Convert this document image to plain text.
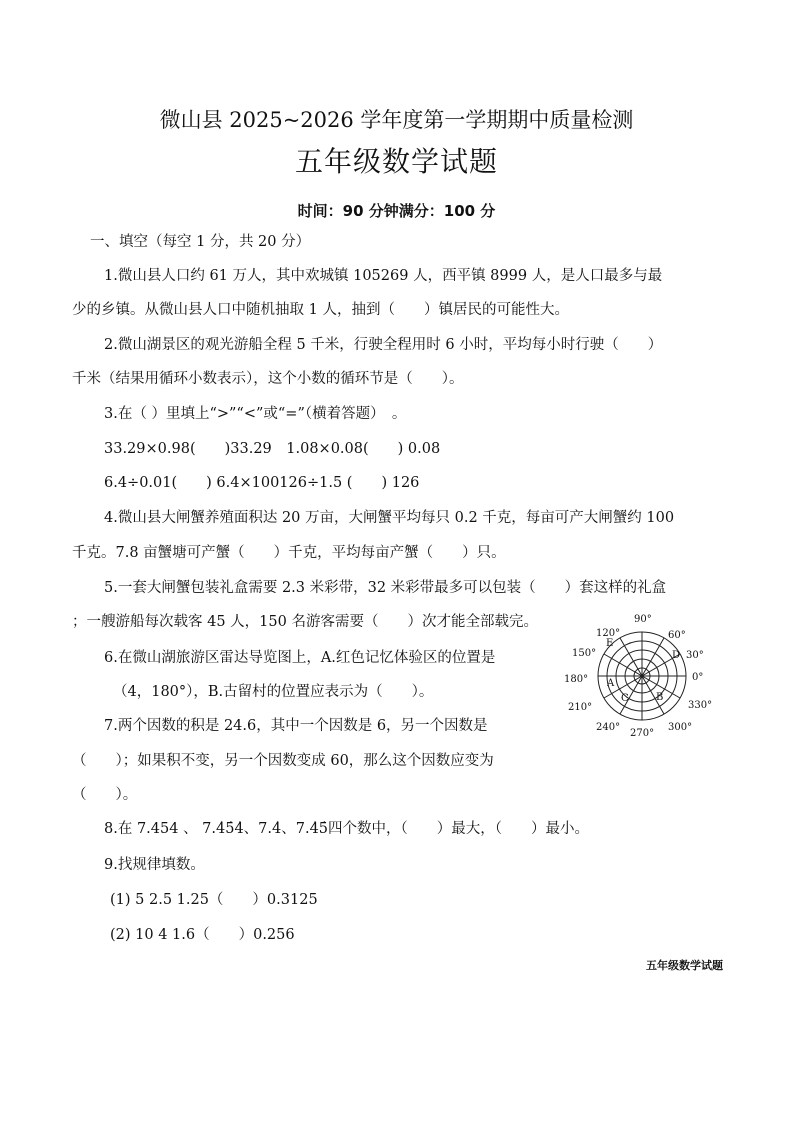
微山县 2025~2026 学年度第一学期期中质量检测
五年级数学试题
时间：90 分钟满分：100 分
一、填空（每空 1 分，共 20 分）
1.微山县人口约 61 万人，其中欢城镇 105269 人，西平镇 8999 人，是人口最多与最
少的乡镇。从微山县人口中随机抽取 1 人，抽到（　　）镇居民的可能性大。
2.微山湖景区的观光游船全程 5 千米，行驶全程用时 6 小时，平均每小时行驶（　　）
千米（结果用循环小数表示），这个小数的循环节是（　　）。
3.在（ ）里填上“>”“<”或“=”（横着答题）　。
33.29×0.98(　　)33.29　1.08×0.08(　　) 0.08
6.4÷0.01(　　) 6.4×100126÷1.5 (　　) 126
4.微山县大闸蟹养殖面积达 20 万亩，大闸蟹平均每只 0.2 千克，每亩可产大闸蟹约 100
千克。7.8 亩蟹塘可产蟹（　　）千克，平均每亩产蟹（　　）只。
5.一套大闸蟹包装礼盒需要 2.3 米彩带，32 米彩带最多可以包装（　　）套这样的礼盒
；一艘游船每次载客 45 人，150 名游客需要（　　）次才能全部载完。
6.在微山湖旅游区雷达导览图上，A.红色记忆体验区的位置是
（4，180°），B.古留村的位置应表示为（　　）。
7.两个因数的积是 24.6，其中一个因数是 6，另一个因数是
（　　）；如果积不变，另一个因数变成 60，那么这个因数应变为
（　　）。
8.在 7.454 、 7.4̇5̇4̇、7.4̇、7.4̇5̇四个数中，（　　）最大，（　　）最小。
9.找规律填数。
(1) 5 2.5 1.25（　　）0.3125
(2) 10 4 1.6（　　）0.256
90°
60°
30°
0°
330°
300°
270°
240°
210°
180°
150°
120°
A
B
C
D
E
五年级数学试题
